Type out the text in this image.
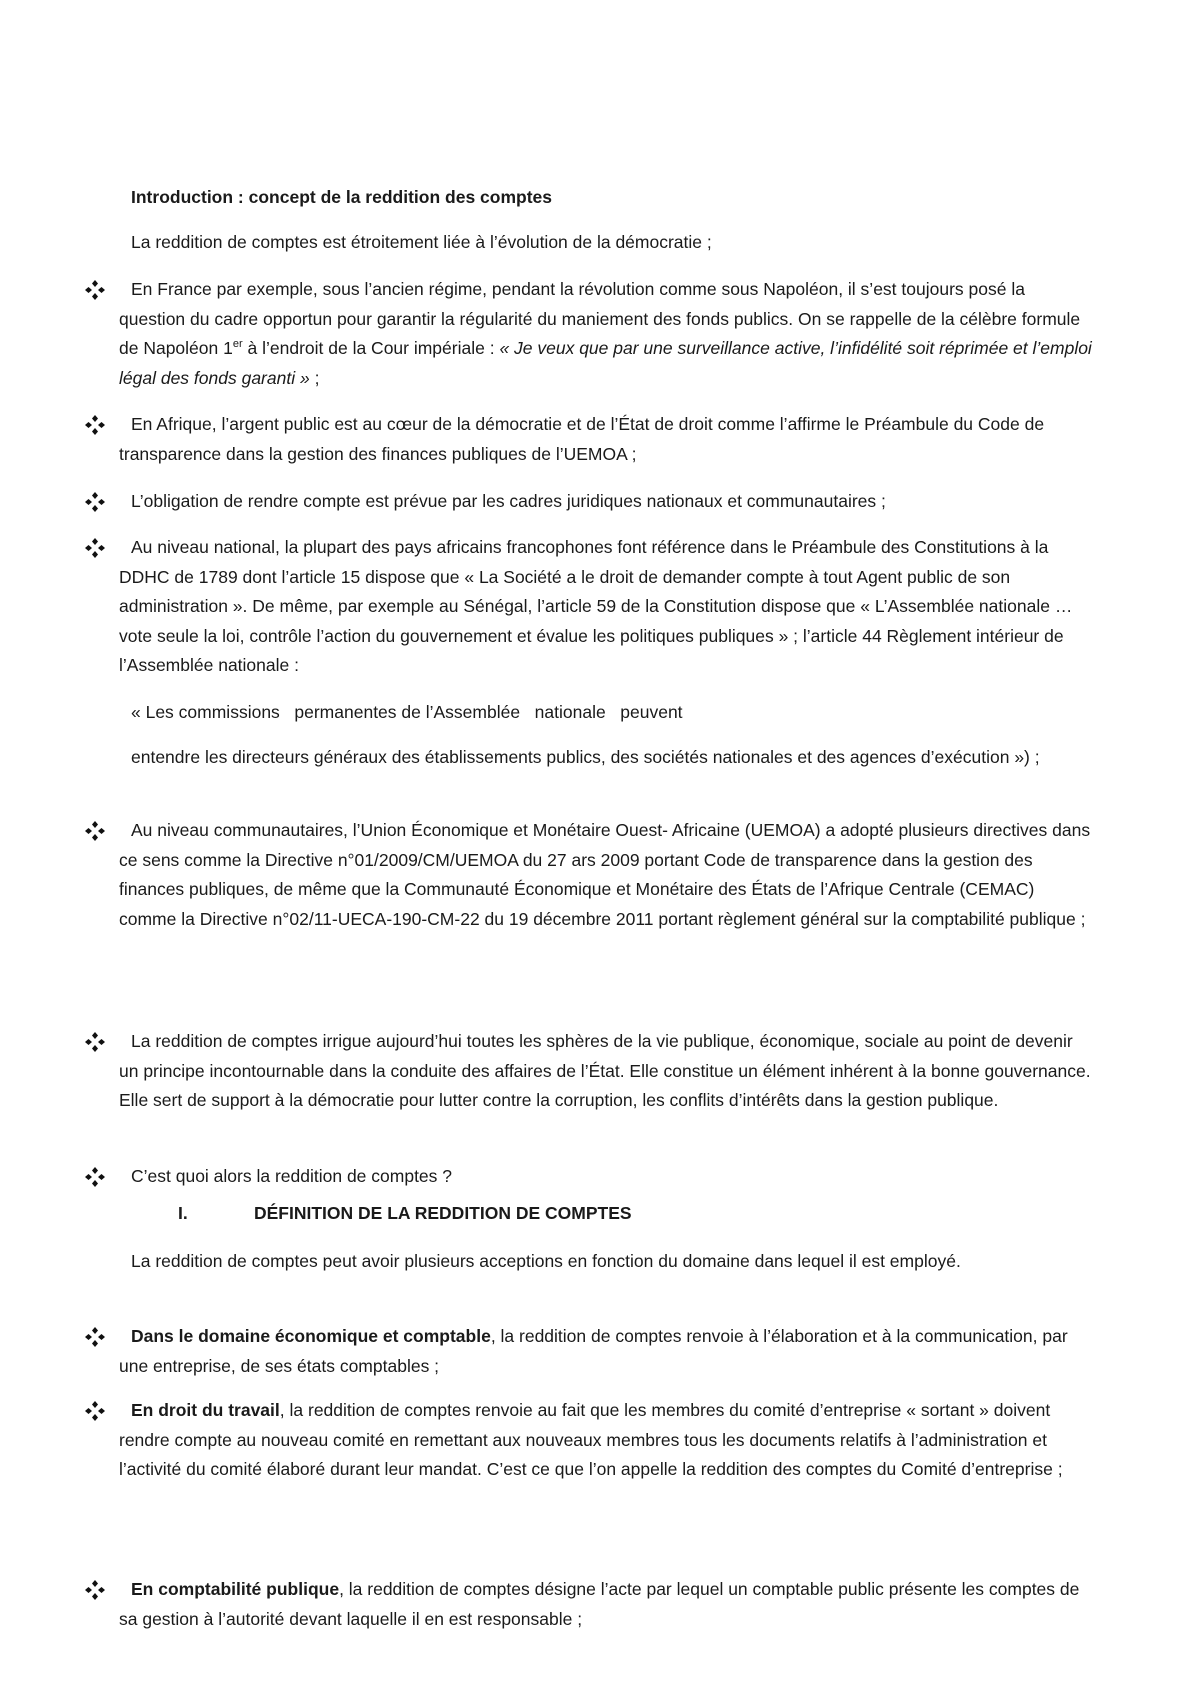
Introduction : concept de la reddition des comptes

La reddition de comptes est étroitement liée à l’évolution de la démocratie ;

En France par exemple, sous l’ancien régime, pendant la révolution comme sous Napoléon, il s’est toujours posé la question du cadre opportun pour garantir la régularité du maniement des fonds publics. On se rappelle de la célèbre formule de Napoléon 1er à l’endroit de la Cour impériale : « Je veux que par une surveillance active, l’infidélité soit réprimée et l’emploi légal des fonds garanti » ;
En Afrique, l’argent public est au cœur de la démocratie et de l’État de droit comme l’affirme le Préambule du Code de transparence dans la gestion des finances publiques de l’UEMOA ;
L’obligation de rendre compte est prévue par les cadres juridiques nationaux et communautaires ;
Au niveau national, la plupart des pays africains francophones font référence dans le Préambule des Constitutions à la DDHC de 1789 dont l’article 15 dispose que « La Société a le droit de demander compte à tout Agent public de son administration ». De même, par exemple au Sénégal, l’article 59 de la Constitution dispose que « L’Assemblée nationale … vote seule la loi, contrôle l’action du gouvernement et évalue les politiques publiques » ; l’article 44 Règlement intérieur de l’Assemblée nationale :

« Les commissions   permanentes de l’Assemblée   nationale   peuvent

entendre les directeurs généraux des établissements publics, des sociétés nationales et des agences d’exécution ») ;

Au niveau communautaires, l’Union Économique et Monétaire Ouest- Africaine (UEMOA) a adopté plusieurs directives dans ce sens comme la Directive n°01/2009/CM/UEMOA du 27 ars 2009 portant Code de transparence dans la gestion des finances publiques, de même que la Communauté Économique et Monétaire des États de l’Afrique Centrale (CEMAC) comme la Directive n°02/11-UECA-190-CM-22 du 19 décembre 2011 portant règlement général sur la comptabilité publique ;
La reddition de comptes irrigue aujourd’hui toutes les sphères de la vie publique, économique, sociale au point de devenir un principe incontournable dans la conduite des affaires de l’État. Elle constitue un élément inhérent à la bonne gouvernance. Elle sert de support à la démocratie pour lutter contre la corruption, les conflits d’intérêts dans la gestion publique.
C’est quoi alors la reddition de comptes ?
I.	DÉFINITION DE LA REDDITION DE COMPTES

La reddition de comptes peut avoir plusieurs acceptions en fonction du domaine dans lequel il est employé.

Dans le domaine économique et comptable, la reddition de comptes renvoie à l’élaboration et à la communication, par une entreprise, de ses états comptables ;
En droit du travail, la reddition de comptes renvoie au fait que les membres du comité d’entreprise « sortant » doivent rendre compte au nouveau comité en remettant aux nouveaux membres tous les documents relatifs à l’administration et l’activité du comité élaboré durant leur mandat. C’est ce que l’on appelle la reddition des comptes du Comité d’entreprise ;
En comptabilité publique, la reddition de comptes désigne l’acte par lequel un comptable public présente les comptes de sa gestion à l’autorité devant laquelle il en est responsable ;
